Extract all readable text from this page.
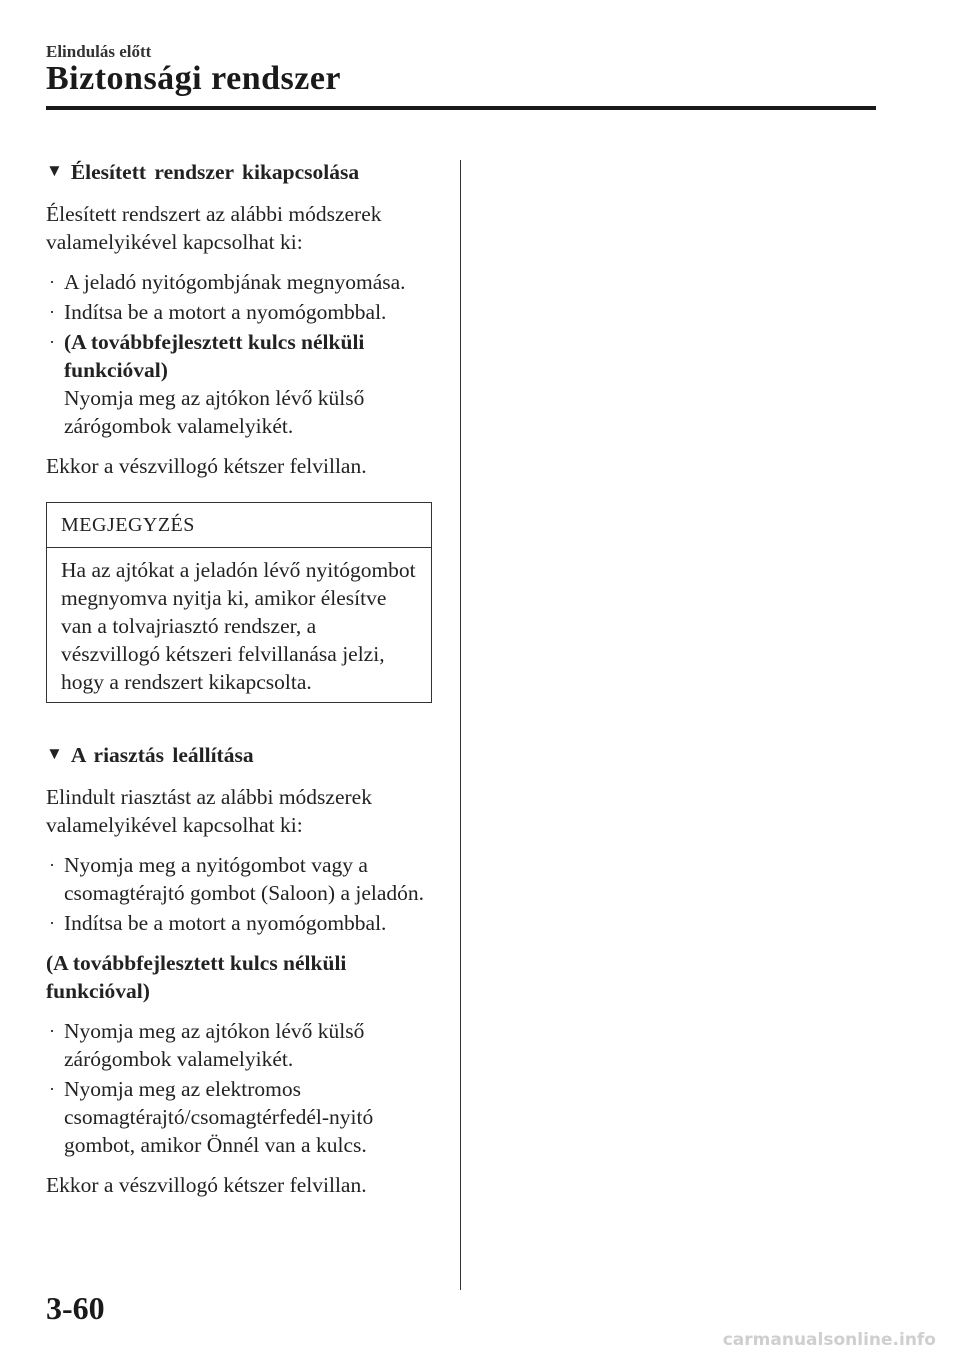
Elindulás előtt
Biztonsági rendszer
▼ Élesített rendszer kikapcsolása

Élesített rendszert az alábbi módszerek valamelyikével kapcsolhat ki:

· A jeladó nyitógombjának megnyomása.
· Indítsa be a motort a nyomógombbal.
· (A továbbfejlesztett kulcs nélküli funkcióval)
Nyomja meg az ajtókon lévő külső zárógombok valamelyikét.

Ekkor a vészvillogó kétszer felvillan.

MEGJEGYZÉS
Ha az ajtókat a jeladón lévő nyitógombot megnyomva nyitja ki, amikor élesítve van a tolvajriasztó rendszer, a vészvillogó kétszeri felvillanása jelzi, hogy a rendszert kikapcsolta.
▼ A riasztás leállítása

Elindult riasztást az alábbi módszerek valamelyikével kapcsolhat ki:

· Nyomja meg a nyitógombot vagy a csomagtérajtó gombot (Saloon) a jeladón.
· Indítsa be a motort a nyomógombbal.

(A továbbfejlesztett kulcs nélküli funkcióval)

· Nyomja meg az ajtókon lévő külső zárógombok valamelyikét.
· Nyomja meg az elektromos csomagtérajtó/csomagtérfedél-nyitó gombot, amikor Önnél van a kulcs.

Ekkor a vészvillogó kétszer felvillan.

3-60
carmanualsonline.info
